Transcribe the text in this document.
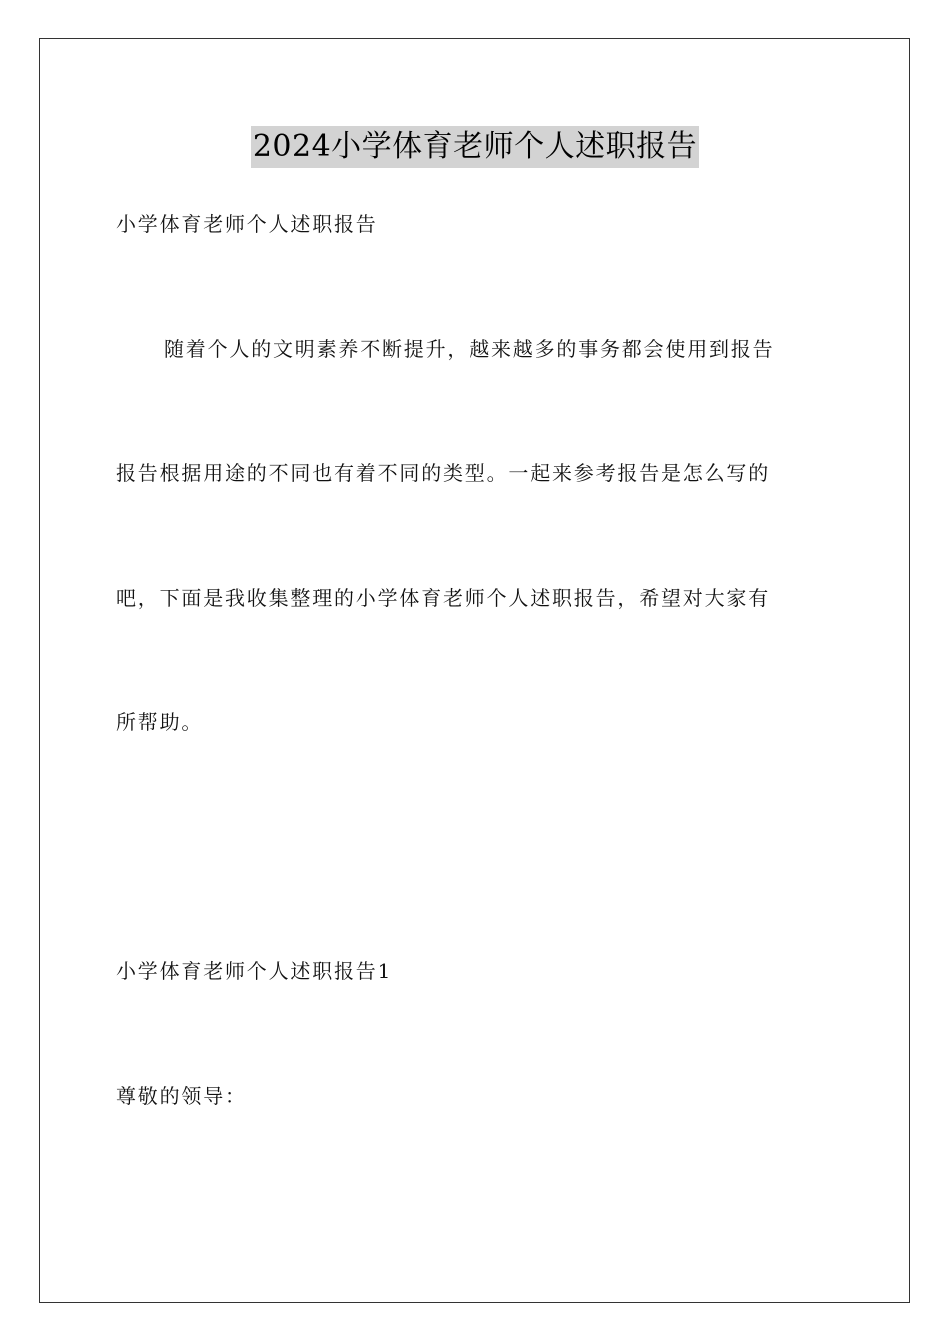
2024小学体育老师个人述职报告
小学体育老师个人述职报告
随着个人的文明素养不断提升，越来越多的事务都会使用到报告
报告根据用途的不同也有着不同的类型。一起来参考报告是怎么写的
吧，下面是我收集整理的小学体育老师个人述职报告，希望对大家有
所帮助。
小学体育老师个人述职报告1
尊敬的领导：
